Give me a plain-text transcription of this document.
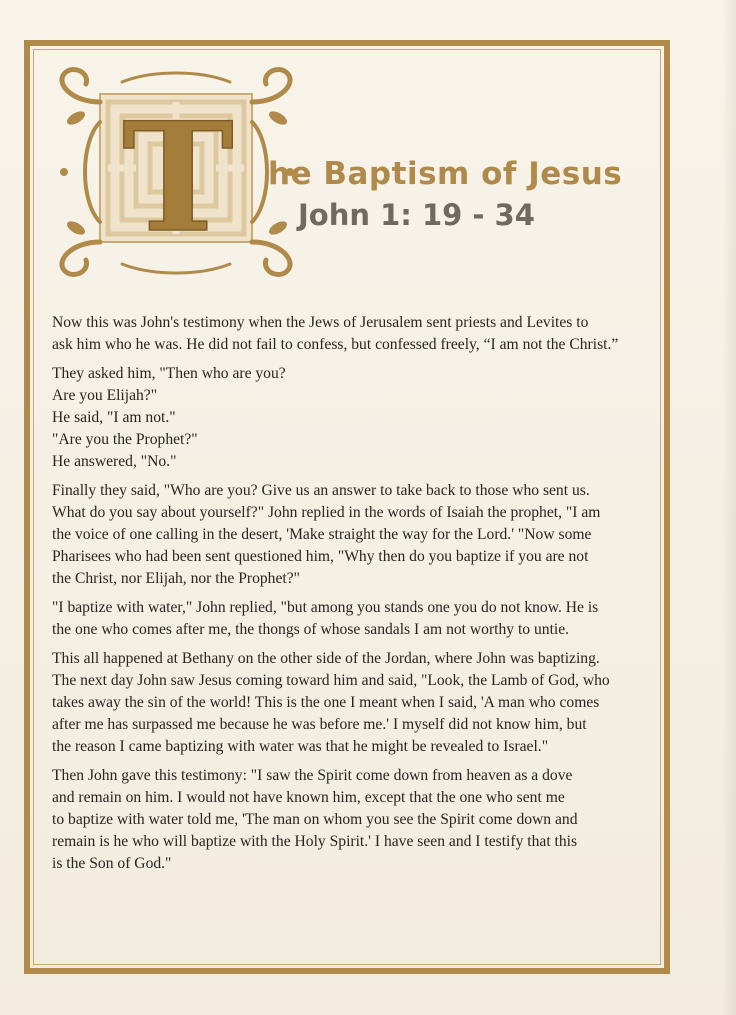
T he Baptism of Jesus
John 1: 19 - 34

Now this was John's testimony when the Jews of Jerusalem sent priests and Levites to
ask him who he was. He did not fail to confess, but confessed freely, “I am not the Christ.”

They asked him, "Then who are you?
Are you Elijah?"
He said, "I am not."
"Are you the Prophet?"
He answered, "No."

Finally they said, "Who are you? Give us an answer to take back to those who sent us.
What do you say about yourself?" John replied in the words of Isaiah the prophet, "I am
the voice of one calling in the desert, 'Make straight the way for the Lord.' "Now some
Pharisees who had been sent questioned him, "Why then do you baptize if you are not
the Christ, nor Elijah, nor the Prophet?"

"I baptize with water," John replied, "but among you stands one you do not know. He is
the one who comes after me, the thongs of whose sandals I am not worthy to untie.

This all happened at Bethany on the other side of the Jordan, where John was baptizing.
The next day John saw Jesus coming toward him and said, "Look, the Lamb of God, who
takes away the sin of the world! This is the one I meant when I said, 'A man who comes
after me has surpassed me because he was before me.' I myself did not know him, but
the reason I came baptizing with water was that he might be revealed to Israel."

Then John gave this testimony: "I saw the Spirit come down from heaven as a dove
and remain on him. I would not have known him, except that the one who sent me
to baptize with water told me, 'The man on whom you see the Spirit come down and
remain is he who will baptize with the Holy Spirit.' I have seen and I testify that this
is the Son of God."
